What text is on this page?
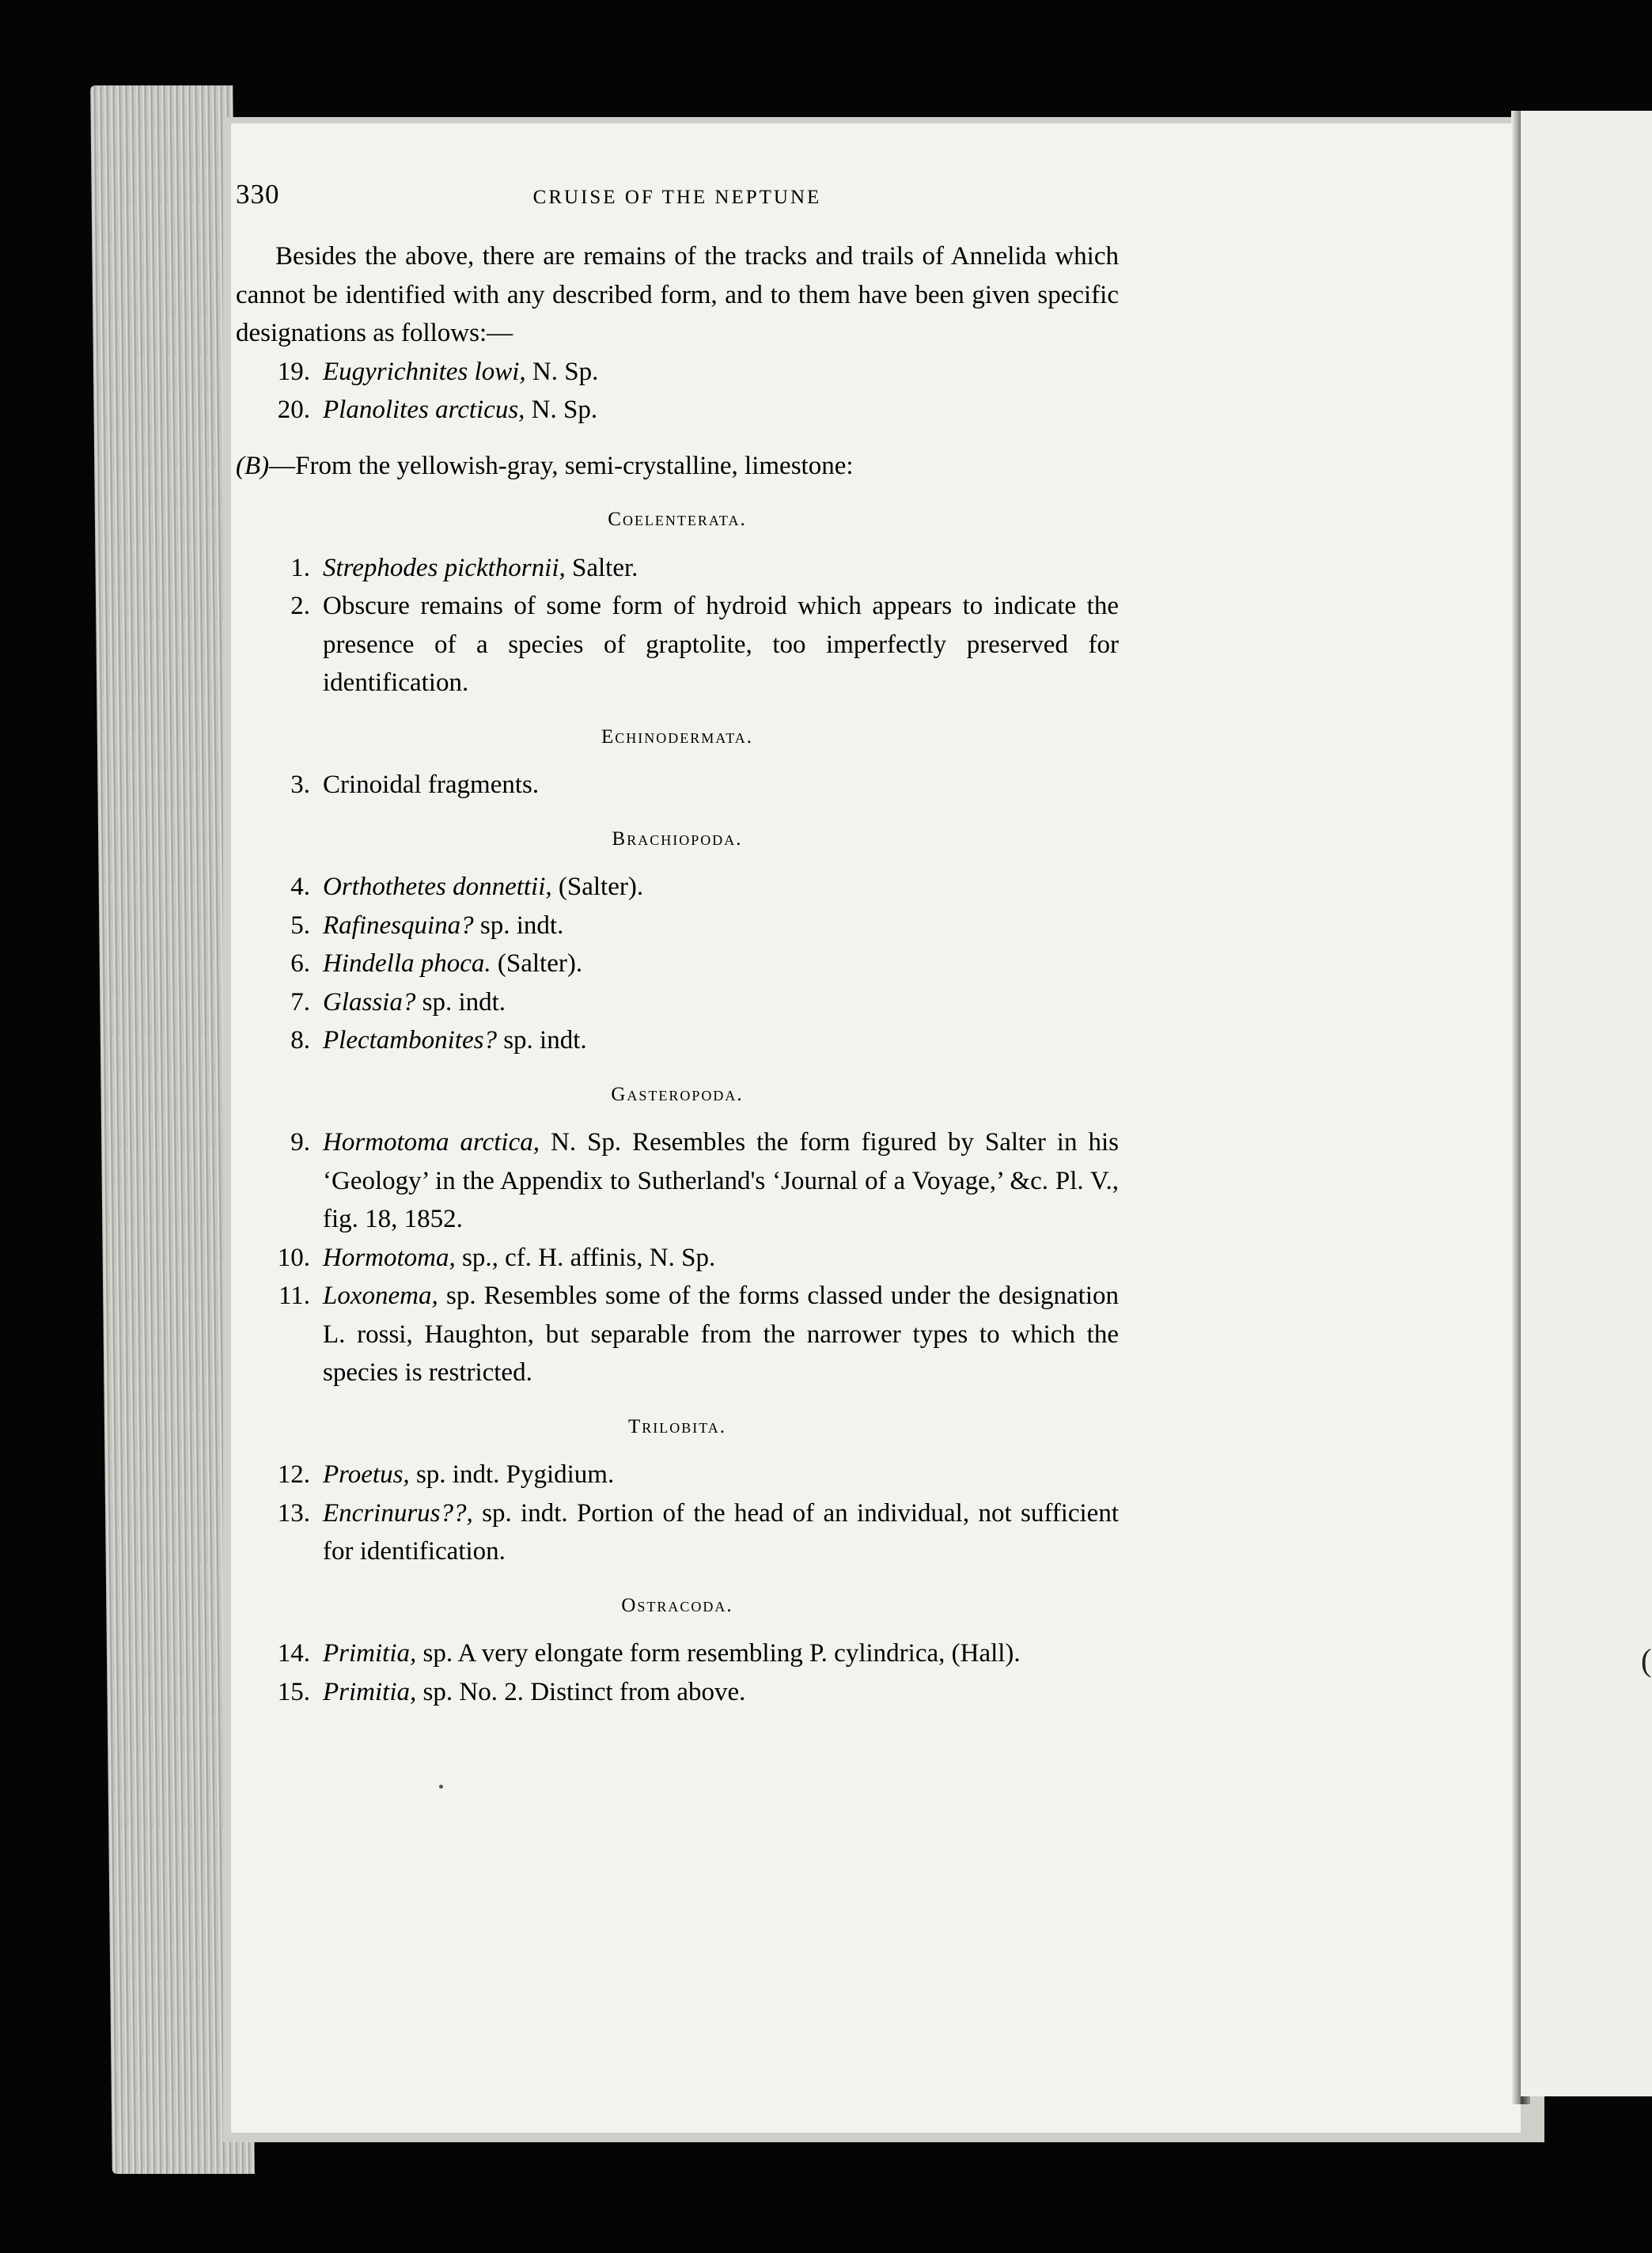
(
330	CRUISE OF THE NEPTUNE

Besides the above, there are remains of the tracks and trails of Annelida which cannot be identified with any described form, and to them have been given specific designations as follows:—

19. Eugyrichnites lowi, N. Sp.
20. Planolites arcticus, N. Sp.

(B)—From the yellowish-gray, semi-crystalline, limestone:

Coelenterata.
1. Strephodes pickthornii, Salter.
2. Obscure remains of some form of hydroid which appears to indicate the presence of a species of graptolite, too imperfectly preserved for identification.
Echinodermata.
3. Crinoidal fragments.
Brachiopoda.
4. Orthothetes donnettii, (Salter).
5. Rafinesquina? sp. indt.
6. Hindella phoca. (Salter).
7. Glassia? sp. indt.
8. Plectambonites? sp. indt.
Gasteropoda.
9. Hormotoma arctica, N. Sp. Resembles the form figured by Salter in his ‘Geology’ in the Appendix to Sutherland's ‘Journal of a Voyage,’ &c. Pl. V., fig. 18, 1852.
10. Hormotoma, sp., cf. H. affinis, N. Sp.
11. Loxonema, sp. Resembles some of the forms classed under the designation L. rossi, Haughton, but separable from the narrower types to which the species is restricted.
Trilobita.
12. Proetus, sp. indt. Pygidium.
13. Encrinurus??, sp. indt. Portion of the head of an individual, not sufficient for identification.
Ostracoda.
14. Primitia, sp. A very elongate form resembling P. cylindrica, (Hall).
15. Primitia, sp. No. 2. Distinct from above.
